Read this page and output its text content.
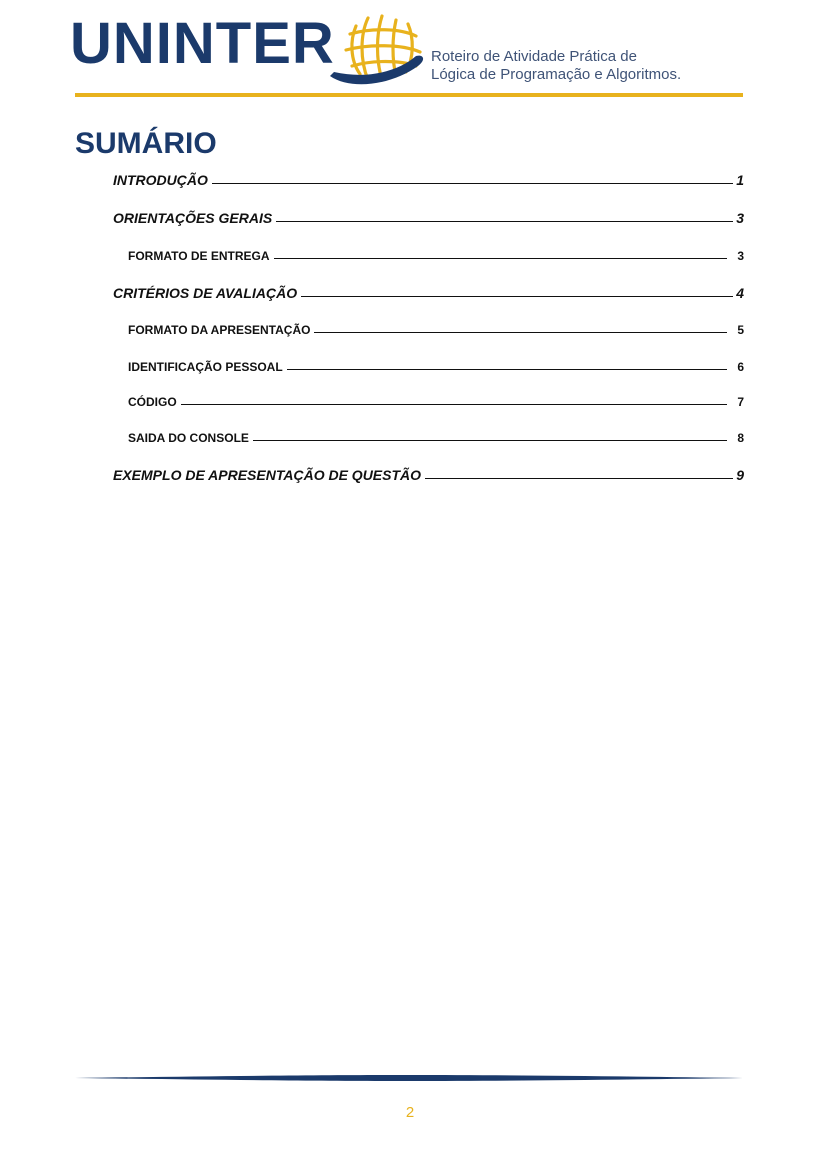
UNINTER	Roteiro de Atividade Prática de
Lógica de Programação e Algoritmos.
SUMÁRIO
INTRODUÇÃO	1
ORIENTAÇÕES GERAIS	3
FORMATO DE ENTREGA	3
CRITÉRIOS DE AVALIAÇÃO	4
FORMATO DA APRESENTAÇÃO	5
IDENTIFICAÇÃO PESSOAL	6
CÓDIGO	7
SAIDA DO CONSOLE	8
EXEMPLO DE APRESENTAÇÃO DE QUESTÃO	9
2
